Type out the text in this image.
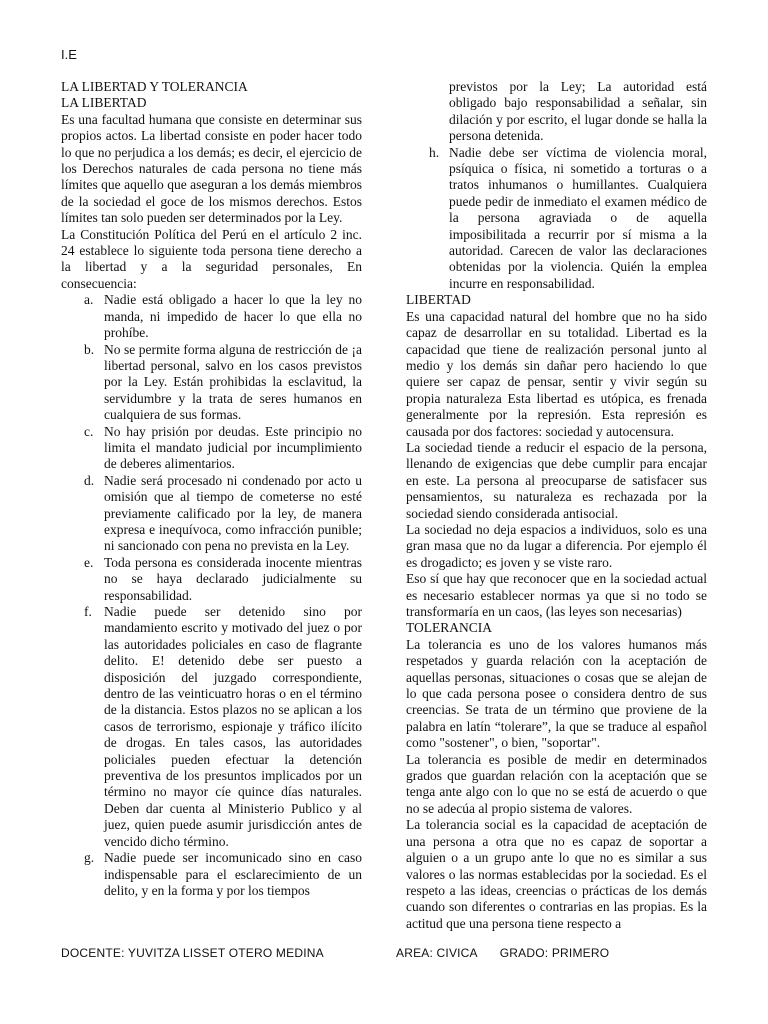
I.E
LA LIBERTAD Y TOLERANCIA
LA LIBERTAD

Es una facultad humana que consiste en determinar sus propios actos. La libertad consiste en poder hacer todo lo que no perjudica a los demás; es decir, el ejercicio de los Derechos naturales de cada persona no tiene más límites que aquello que aseguran a los demás miembros de la sociedad el goce de los mismos derechos. Estos límites tan solo pueden ser determinados por la Ley.

La Constitución Política del Perú en el artículo 2 inc. 24 establece lo siguiente toda persona tiene derecho a la libertad y a la seguridad personales, En consecuencia:

a. Nadie está obligado a hacer lo que la ley no manda, ni impedido de hacer lo que ella no prohíbe.
b. No se permite forma alguna de restricción de ¡a libertad personal, salvo en los casos previstos por la Ley. Están prohibidas la esclavitud, la servidumbre y la trata de seres humanos en cualquiera de sus formas.
c. No hay prisión por deudas. Este principio no limita el mandato judicial por incumplimiento de deberes alimentarios.
d. Nadie será procesado ni condenado por acto u omisión que al tiempo de cometerse no esté previamente calificado por la ley, de manera expresa e inequívoca, como infracción punible; ni sancionado con pena no prevista en la Ley.
e. Toda persona es considerada inocente mientras no se haya declarado judicialmente su responsabilidad.
f. Nadie puede ser detenido sino por mandamiento escrito y motivado del juez o por las autoridades policiales en caso de flagrante delito. E! detenido debe ser puesto a disposición del juzgado correspondiente, dentro de las veinticuatro horas o en el término de la distancia. Estos plazos no se aplican a los casos de terrorismo, espionaje y tráfico ilícito de drogas. En tales casos, las autoridades policiales pueden efectuar la detención preventiva de los presuntos implicados por un término no mayor cíe quince días naturales. Deben dar cuenta al Ministerio Publico y al juez, quien puede asumir jurisdicción antes de vencido dicho término.
g. Nadie puede ser incomunicado sino en caso indispensable para el esclarecimiento de un delito, y en la forma y por los tiempos

previstos por la Ley; La autoridad está obligado bajo responsabilidad a señalar, sin dilación y por escrito, el lugar donde se halla la persona detenida.

h. Nadie debe ser víctima de violencia moral, psíquica o física, ni sometido a torturas o a tratos inhumanos o humillantes. Cualquiera puede pedir de inmediato el examen médico de la persona agraviada o de aquella imposibilitada a recurrir por sí misma a la autoridad. Carecen de valor las declaraciones obtenidas por la violencia. Quién la emplea incurre en responsabilidad.
LIBERTAD

Es una capacidad natural del hombre que no ha sido capaz de desarrollar en su totalidad. Libertad es la capacidad que tiene de realización personal junto al medio y los demás sin dañar pero haciendo lo que quiere ser capaz de pensar, sentir y vivir según su propia naturaleza Esta libertad es utópica, es frenada generalmente por la represión. Esta represión es causada por dos factores: sociedad y autocensura.

La sociedad tiende a reducir el espacio de la persona, llenando de exigencias que debe cumplir para encajar en este. La persona al preocuparse de satisfacer sus pensamientos, su naturaleza es rechazada por la sociedad siendo considerada antisocial.

La sociedad no deja espacios a individuos, solo es una gran masa que no da lugar a diferencia. Por ejemplo él es drogadicto; es joven y se viste raro.

Eso sí que hay que reconocer que en la sociedad actual es necesario establecer normas ya que si no todo se transformaría en un caos, (las leyes son necesarias)

TOLERANCIA

La tolerancia es uno de los valores humanos más respetados y guarda relación con la aceptación de aquellas personas, situaciones o cosas que se alejan de lo que cada persona posee o considera dentro de sus creencias. Se trata de un término que proviene de la palabra en latín “tolerare”, la que se traduce al español como "sostener", o bien, "soportar".

La tolerancia es posible de medir en determinados grados que guardan relación con la aceptación que se tenga ante algo con lo que no se está de acuerdo o que no se adecúa al propio sistema de valores.

La tolerancia social es la capacidad de aceptación de una persona a otra que no es capaz de soportar a alguien o a un grupo ante lo que no es similar a sus valores o las normas establecidas por la sociedad. Es el respeto a las ideas, creencias o prácticas de los demás cuando son diferentes o contrarias en las propias. Es la actitud que una persona tiene respecto a

DOCENTE: YUVITZA LISSET OTERO MEDINA	AREA: CIVICA GRADO: PRIMERO
